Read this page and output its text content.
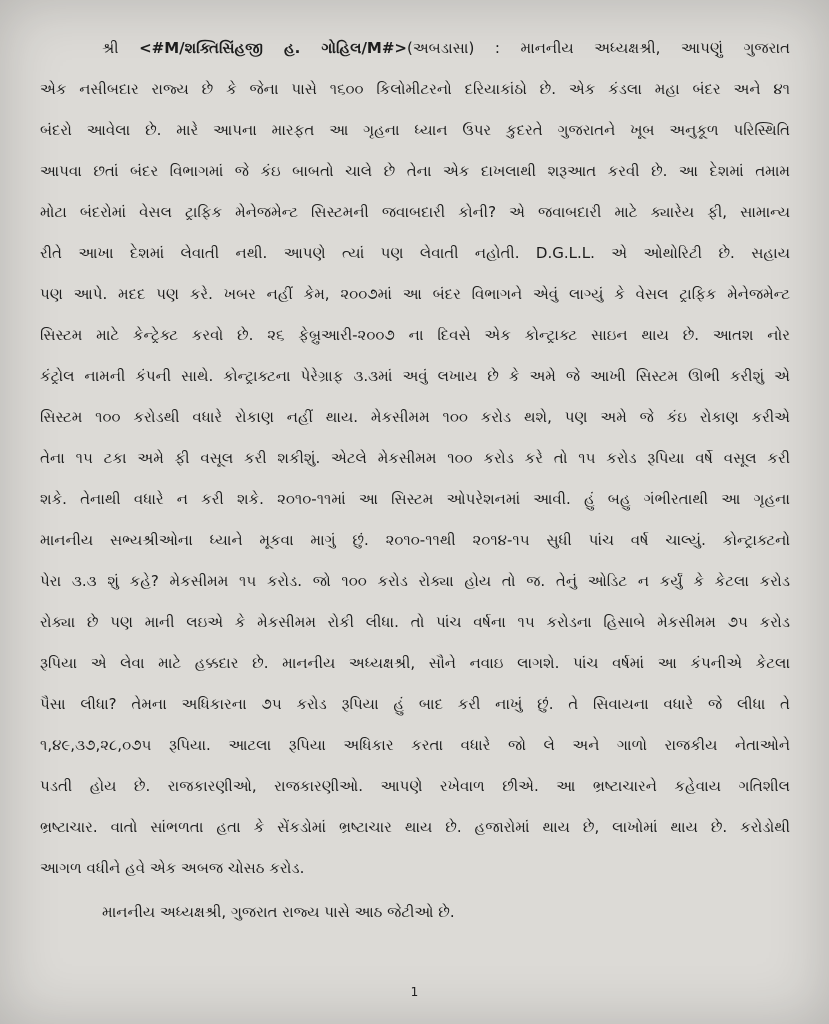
શ્રી <#M/શક્તિસિંહજી હ. ગોહિલ/M#>(અબડાસા) : માનનીય અધ્યક્ષશ્રી, આપણું ગુજરાત
એક નસીબદાર રાજ્ય છે કે જેના પાસે ૧૬૦૦ કિલોમીટરનો દરિયાકાંઠો છે. એક કંડલા મહા બંદર અને ૪૧
બંદરો આવેલા છે. મારે આપના મારફત આ ગૃહના ધ્યાન ઉપર કુદરતે ગુજરાતને ખૂબ અનુકૂળ પરિસ્થિતિ
આપવા છતાં બંદર વિભાગમાં જે કંઇ બાબતો ચાલે છે તેના એક દાખલાથી શરૂઆત કરવી છે. આ દેશમાં તમામ
મોટા બંદરોમાં વેસલ ટ્રાફિક મેનેજમેન્ટ સિસ્ટમની જવાબદારી કોની? એ જવાબદારી માટે ક્યારેય ફી, સામાન્ય
રીતે આખા દેશમાં લેવાતી નથી. આપણે ત્યાં પણ લેવાતી નહોતી. D.G.L.L. એ ઓથોરિટી છે. સહાય
પણ આપે. મદદ પણ કરે. ખબર નહીં કેમ, ૨૦૦૭માં આ બંદર વિભાગને એવું લાગ્યું કે વેસલ ટ્રાફિક મેનેજમેન્ટ
સિસ્ટમ માટે કેન્ટ્રેક્ટ કરવો છે. ૨૬ ફેબ્રુઆરી-૨૦૦૭ ના દિવસે એક કોન્ટ્રાક્ટ સાઇન થાય છે. આતશ નોર
કંટ્રોલ નામની કંપની સાથે. કોન્ટ્રાક્ટના પેરેગ્રાફ ૩.૩માં અવું લખાય છે કે અમે જે આખી સિસ્ટમ ઊભી કરીશું એ
સિસ્ટમ ૧૦૦ કરોડથી વધારે રોકાણ નહીં થાય. મેકસીમમ ૧૦૦ કરોડ થશે, પણ અમે જે કંઇ રોકાણ કરીએ
તેના ૧૫ ટકા અમે ફી વસૂલ કરી શકીશું. એટલે મેકસીમમ ૧૦૦ કરોડ કરે તો ૧૫ કરોડ રૂપિયા વર્ષે વસૂલ કરી
શકે. તેનાથી વધારે ન કરી શકે. ૨૦૧૦-૧૧માં આ સિસ્ટમ ઓપરેશનમાં આવી. હું બહુ ગંભીરતાથી આ ગૃહના
માનનીય સભ્યશ્રીઓના ધ્યાને મૂકવા માગું છું. ૨૦૧૦-૧૧થી ૨૦૧૪-૧૫ સુધી પાંચ વર્ષ ચાલ્યું. કોન્ટ્રાક્ટનો
પેરા ૩.૩ શું કહે? મેકસીમમ ૧૫ કરોડ. જો ૧૦૦ કરોડ રોક્યા હોય તો જ. તેનું ઓડિટ ન કર્યું કે કેટલા કરોડ
રોક્યા છે પણ માની લઇએ કે મેકસીમમ રોકી લીધા. તો પાંચ વર્ષના ૧૫ કરોડના હિસાબે મેકસીમમ ૭૫ કરોડ
રૂપિયા એ લેવા માટે હક્કદાર છે. માનનીય અધ્યક્ષશ્રી, સૌને નવાઇ લાગશે. પાંચ વર્ષમાં આ કંપનીએ કેટલા
પૈસા લીધા? તેમના અધિકારના ૭૫ કરોડ રૂપિયા હું બાદ કરી નાખું છું. તે સિવાયના વધારે જે લીધા તે
૧,૪૯,૩૭,૨૮,૦૭૫ રૂપિયા. આટલા રૂપિયા અધિકાર કરતા વધારે જો લે અને ગાળો રાજકીય નેતાઓને
પડતી હોય છે. રાજકારણીઓ, રાજકારણીઓ. આપણે રખેવાળ છીએ. આ ભ્રષ્ટાચારને કહેવાય ગતિશીલ
ભ્રષ્ટાચાર. વાતો સાંભળતા હતા કે સેંકડોમાં ભ્રષ્ટાચાર થાય છે. હજારોમાં થાય છે, લાખોમાં થાય છે. કરોડોથી
આગળ વધીને હવે એક અબજ ચોસઠ કરોડ.
માનનીય અધ્યક્ષશ્રી, ગુજરાત રાજ્ય પાસે આઠ જેટીઓ છે.
1
